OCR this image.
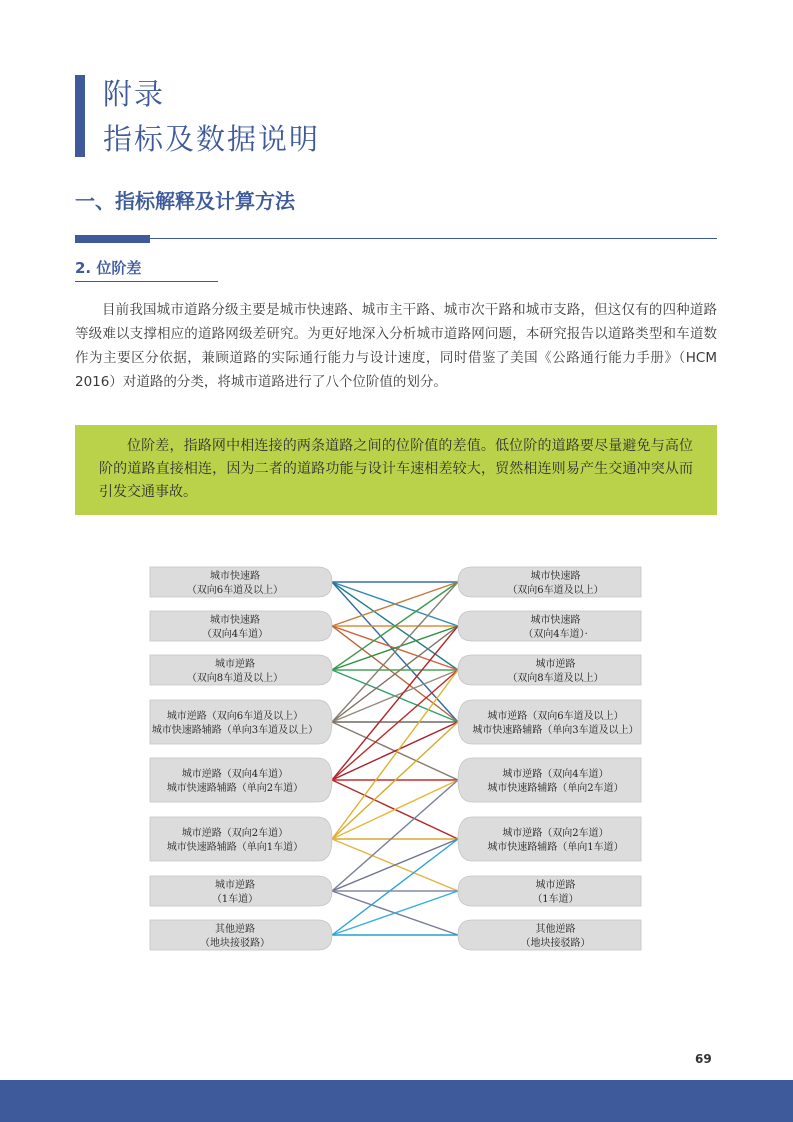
附录
指标及数据说明
一、指标解释及计算方法
2. 位阶差
目前我国城市道路分级主要是城市快速路、城市主干路、城市次干路和城市支路，但这仅有的四种道路等级难以支撑相应的道路网级差研究。为更好地深入分析城市道路网问题，本研究报告以道路类型和车道数作为主要区分依据，兼顾道路的实际通行能力与设计速度，同时借鉴了美国《公路通行能力手册》（HCM 2016）对道路的分类，将城市道路进行了八个位阶值的划分。
位阶差，指路网中相连接的两条道路之间的位阶值的差值。低位阶的道路要尽量避免与高位阶的道路直接相连，因为二者的道路功能与设计车速相差较大，贸然相连则易产生交通冲突从而引发交通事故。
城市快速路
（双向6车道及以上）
城市快速路
（双向4车道）
城市逆路
（双向8车道及以上）
城市逆路（双向6车道及以上）
城市快速路辅路（单向3车道及以上）
城市逆路（双向4车道）
城市快速路辅路（单向2车道）
城市逆路（双向2车道）
城市快速路辅路（单向1车道）
城市逆路
（1车道）
其他逆路
（地块接驳路）
城市快速路
（双向6车道及以上）
城市快速路
（双向4车道）·
城市逆路
（双向8车道及以上）
城市逆路（双向6车道及以上）
城市快速路辅路（单向3车道及以上）
城市逆路（双向4车道）
城市快速路辅路（单向2车道）
城市逆路（双向2车道）
城市快速路辅路（单向1车道）
城市逆路
（1车道）
其他逆路
（地块接驳路）
69
